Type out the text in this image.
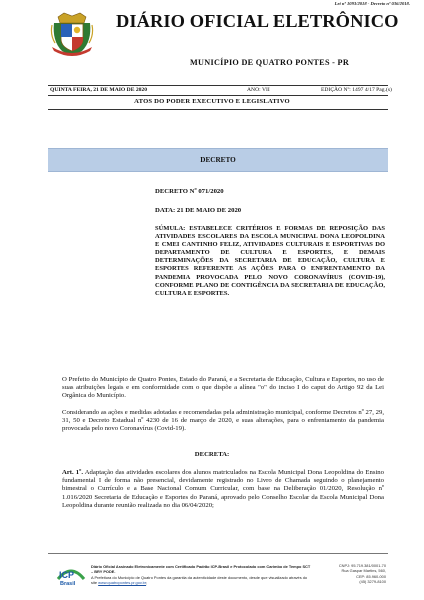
Lei nº 1093/2018 - Decreto nº 036/2018.
DIÁRIO OFICIAL ELETRÔNICO
MUNICÍPIO DE QUATRO PONTES - PR
QUINTA FEIRA, 21 DE MAIO DE 2020	ANO: VII	EDIÇÃO Nº: 1497 4/17 Pag.(s)
ATOS DO PODER EXECUTIVO E LEGISLATIVO
DECRETO
DECRETO Nº 071/2020
DATA: 21 DE MAIO DE 2020
SÚMULA: ESTABELECE CRITÉRIOS E FORMAS DE REPOSIÇÃO DAS ATIVIDADES ESCOLARES DA ESCOLA MUNICIPAL DONA LEOPOLDINA E CMEI CANTINHO FELIZ, ATIVIDADES CULTURAIS E ESPORTIVAS DO DEPARTAMENTO DE CULTURA E ESPORTES, E DEMAIS DETERMINAÇÕES DA SECRETARIA DE EDUCAÇÃO, CULTURA E ESPORTES REFERENTE AS AÇÕES PARA O ENFRENTAMENTO DA PANDEMIA PROVOCADA PELO NOVO CORONAVÍRUS (COVID-19), CONFORME PLANO DE CONTIGÊNCIA DA SECRETARIA DE EDUCAÇÃO, CULTURA E ESPORTES.
O Prefeito do Município de Quatro Pontes, Estado do Paraná, e a Secretaria de Educação, Cultura e Esportes, no uso de suas atribuições legais e em conformidade com o que dispõe a alínea "o" do inciso I do caput do Artigo 92 da Lei Orgânica do Município.
Considerando as ações e medidas adotadas e recomendadas pela administração municipal, conforme Decretos nº 27, 29, 31, 50 e Decreto Estadual nº 4230 de 16 de março de 2020, e suas alterações, para o enfrentamento da pandemia provocada pelo novo Coronavírus (Covid-19).
DECRETA:
Art. 1º. Adaptação das atividades escolares dos alunos matriculados na Escola Municipal Dona Leopoldina do Ensino fundamental I de forma não presencial, devidamente registrado no Livro de Chamada seguindo o planejamento bimestral o Currículo e a Base Nacional Comum Curricular, com base na Deliberação 01/2020, Resolução nº 1.016/2020 Secretaria de Educação e Esportes do Paraná, aprovado pelo Conselho Escolar da Escola Municipal Dona Leopoldina durante reunião realizada no dia 06/04/2020;
ICP
Brasil
Diário Oficial Assinado Eletronicamente com Certificado Padrão ICP-Brasil e Protocolado com Carimbo de Tempo SCT – BRY PODE.
A Prefeitura do Município de Quatro Pontes da garantia da autenticidade deste documento, desde que visualizado através do site www.quatropontes.pr.gov.br;
CNPJ: 95.719.381/0001-70
Rua Gaspar Martins, 560,
CEP: 85.960-000
(45) 3279-8100
